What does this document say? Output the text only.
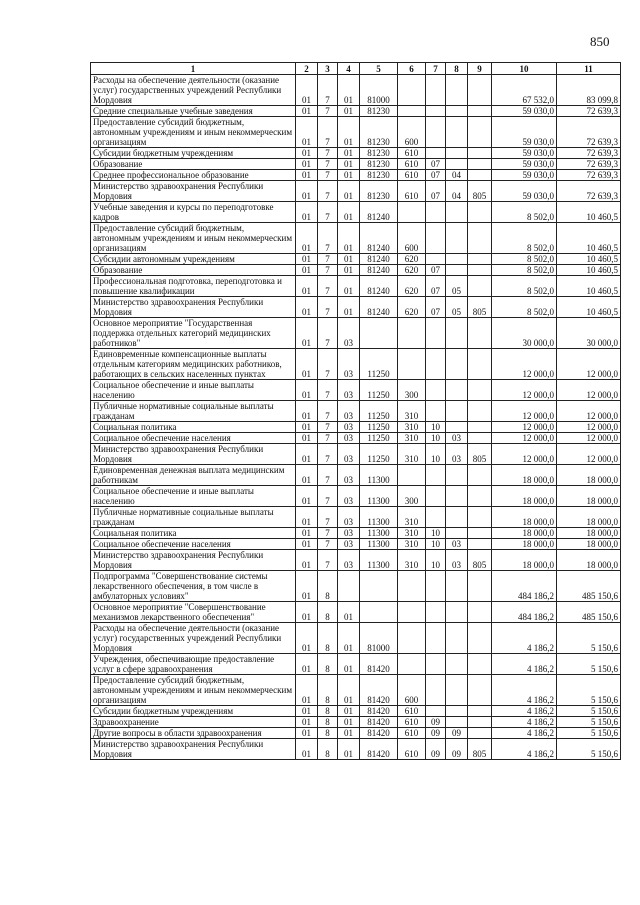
850
1	2	3	4	5	6	7	8	9	10	11
Расходы на обеспечение деятельности (оказание услуг) государственных учреждений Республики Мордовия	01	7	01	81000					67 532,0	83 099,8
Средние специальные учебные заведения	01	7	01	81230					59 030,0	72 639,3
Предоставление субсидий бюджетным, автономным учреждениям и иным некоммерческим организациям	01	7	01	81230	600				59 030,0	72 639,3
Субсидии бюджетным учреждениям	01	7	01	81230	610				59 030,0	72 639,3
Образование	01	7	01	81230	610	07			59 030,0	72 639,3
Среднее профессиональное образование	01	7	01	81230	610	07	04		59 030,0	72 639,3
Министерство здравоохранения Республики Мордовия	01	7	01	81230	610	07	04	805	59 030,0	72 639,3
Учебные заведения и курсы по переподготовке кадров	01	7	01	81240					8 502,0	10 460,5
Предоставление субсидий бюджетным, автономным учреждениям и иным некоммерческим организациям	01	7	01	81240	600				8 502,0	10 460,5
Субсидии автономным учреждениям	01	7	01	81240	620				8 502,0	10 460,5
Образование	01	7	01	81240	620	07			8 502,0	10 460,5
Профессиональная подготовка, переподготовка и повышение квалификации	01	7	01	81240	620	07	05		8 502,0	10 460,5
Министерство здравоохранения Республики Мордовия	01	7	01	81240	620	07	05	805	8 502,0	10 460,5
Основное мероприятие "Государственная поддержка отдельных категорий медицинских работников"	01	7	03						30 000,0	30 000,0
Единовременные компенсационные выплаты отдельным категориям медицинских работников, работающих в сельских населенных пунктах	01	7	03	11250					12 000,0	12 000,0
Социальное обеспечение и иные выплаты населению	01	7	03	11250	300				12 000,0	12 000,0
Публичные нормативные социальные выплаты гражданам	01	7	03	11250	310				12 000,0	12 000,0
Социальная политика	01	7	03	11250	310	10			12 000,0	12 000,0
Социальное обеспечение населения	01	7	03	11250	310	10	03		12 000,0	12 000,0
Министерство здравоохранения Республики Мордовия	01	7	03	11250	310	10	03	805	12 000,0	12 000,0
Единовременная денежная выплата медицинским работникам	01	7	03	11300					18 000,0	18 000,0
Социальное обеспечение и иные выплаты населению	01	7	03	11300	300				18 000,0	18 000,0
Публичные нормативные социальные выплаты гражданам	01	7	03	11300	310				18 000,0	18 000,0
Социальная политика	01	7	03	11300	310	10			18 000,0	18 000,0
Социальное обеспечение населения	01	7	03	11300	310	10	03		18 000,0	18 000,0
Министерство здравоохранения Республики Мордовия	01	7	03	11300	310	10	03	805	18 000,0	18 000,0
Подпрограмма "Совершенствование системы лекарственного обеспечения, в том числе в амбулаторных условиях"	01	8							484 186,2	485 150,6
Основное мероприятие "Совершенствование механизмов лекарственного обеспечения"	01	8	01						484 186,2	485 150,6
Расходы на обеспечение деятельности (оказание услуг) государственных учреждений Республики Мордовия	01	8	01	81000					4 186,2	5 150,6
Учреждения, обеспечивающие предоставление услуг в сфере здравоохранения	01	8	01	81420					4 186,2	5 150,6
Предоставление субсидий бюджетным, автономным учреждениям и иным некоммерческим организациям	01	8	01	81420	600				4 186,2	5 150,6
Субсидии бюджетным учреждениям	01	8	01	81420	610				4 186,2	5 150,6
Здравоохранение	01	8	01	81420	610	09			4 186,2	5 150,6
Другие вопросы в области здравоохранения	01	8	01	81420	610	09	09		4 186,2	5 150,6
Министерство здравоохранения Республики Мордовия	01	8	01	81420	610	09	09	805	4 186,2	5 150,6
